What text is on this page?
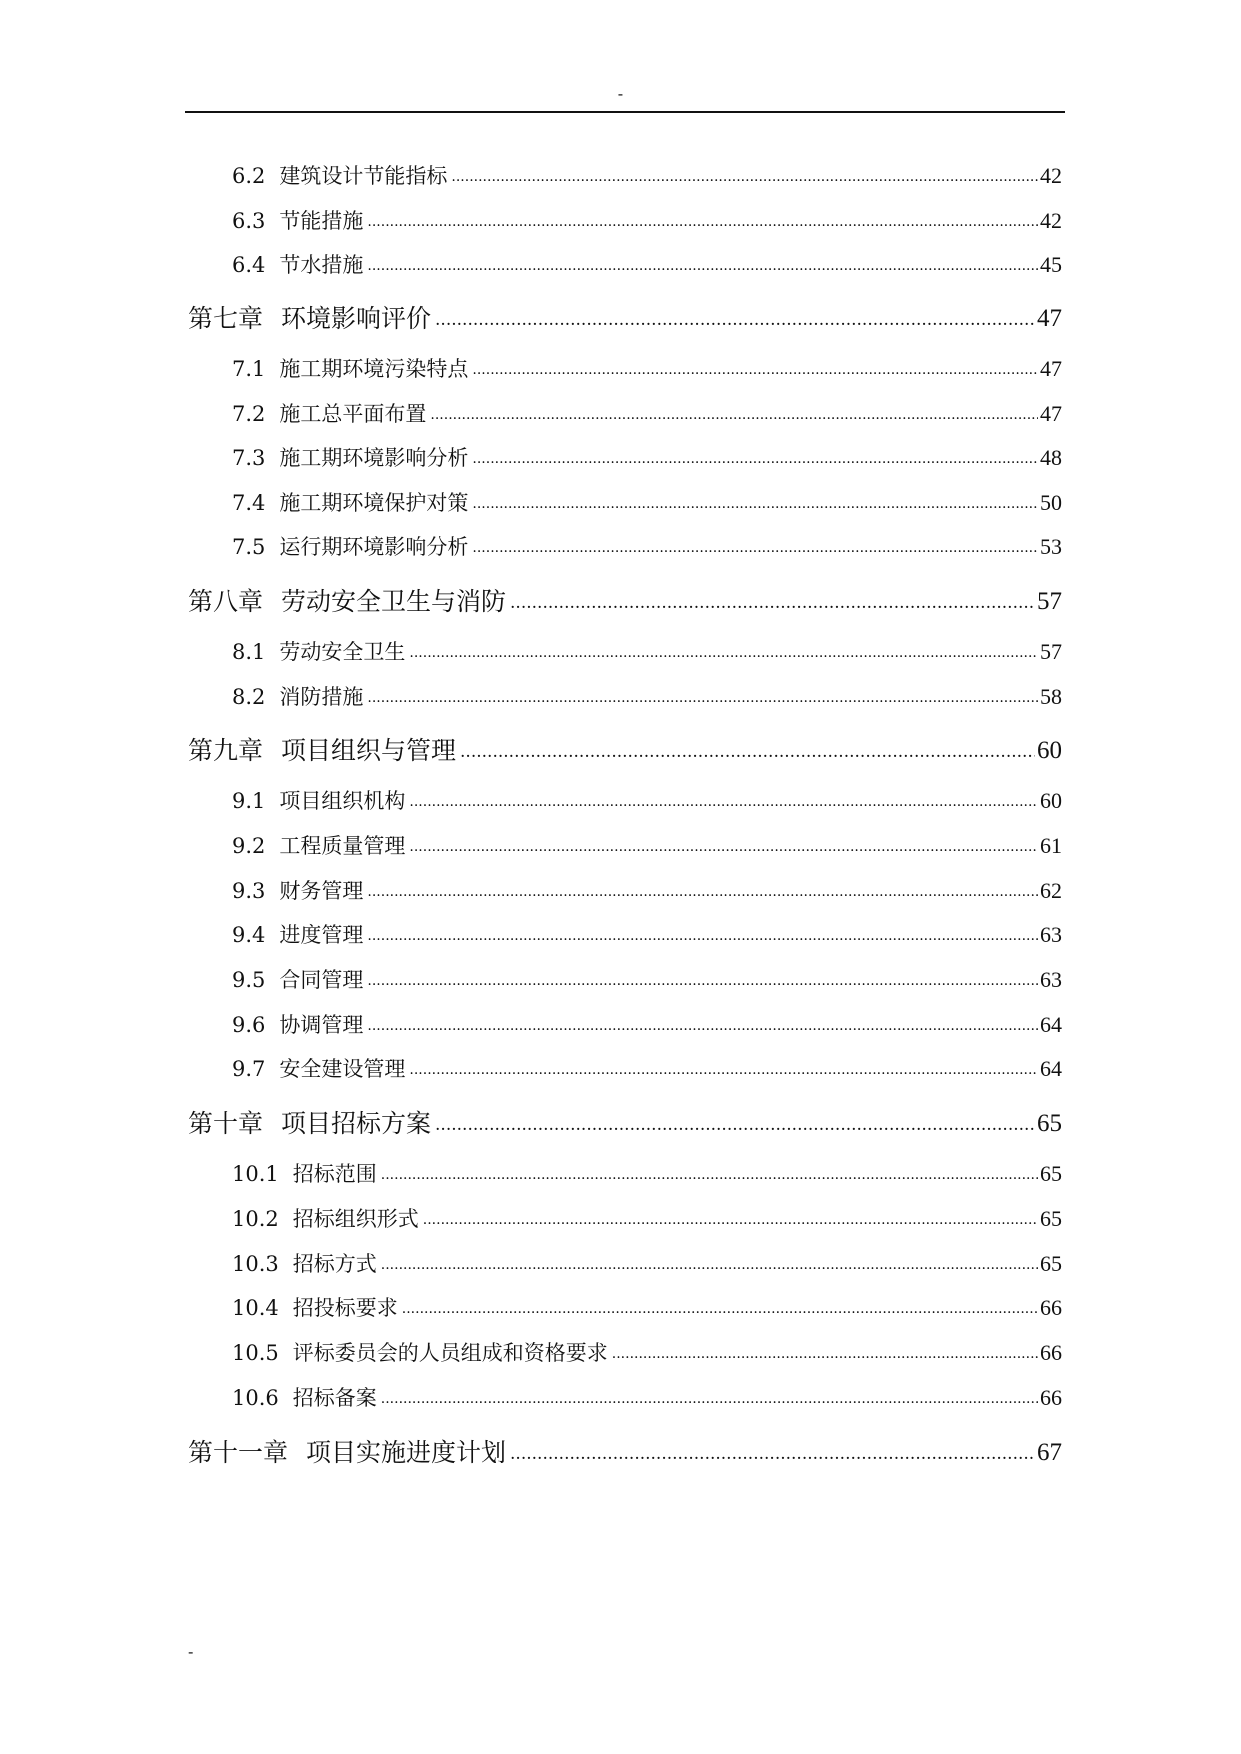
-
6.2 建筑设计节能指标 .....	42
6.3 节能措施 .....	42
6.4 节水措施 .....	45
第七章 环境影响评价 .....	47
7.1 施工期环境污染特点 .....	47
7.2 施工总平面布置 .....	47
7.3 施工期环境影响分析 .....	48
7.4 施工期环境保护对策 .....	50
7.5 运行期环境影响分析 .....	53
第八章 劳动安全卫生与消防 .....	57
8.1 劳动安全卫生 .....	57
8.2 消防措施 .....	58
第九章 项目组织与管理 .....	60
9.1 项目组织机构 .....	60
9.2 工程质量管理 .....	61
9.3 财务管理 .....	62
9.4 进度管理 .....	63
9.5 合同管理 .....	63
9.6 协调管理 .....	64
9.7 安全建设管理 .....	64
第十章 项目招标方案 .....	65
10.1 招标范围 .....	65
10.2 招标组织形式 .....	65
10.3 招标方式 .....	65
10.4 招投标要求 .....	66
10.5 评标委员会的人员组成和资格要求 .....	66
10.6 招标备案 .....	66
第十一章 项目实施进度计划 .....	67
-
